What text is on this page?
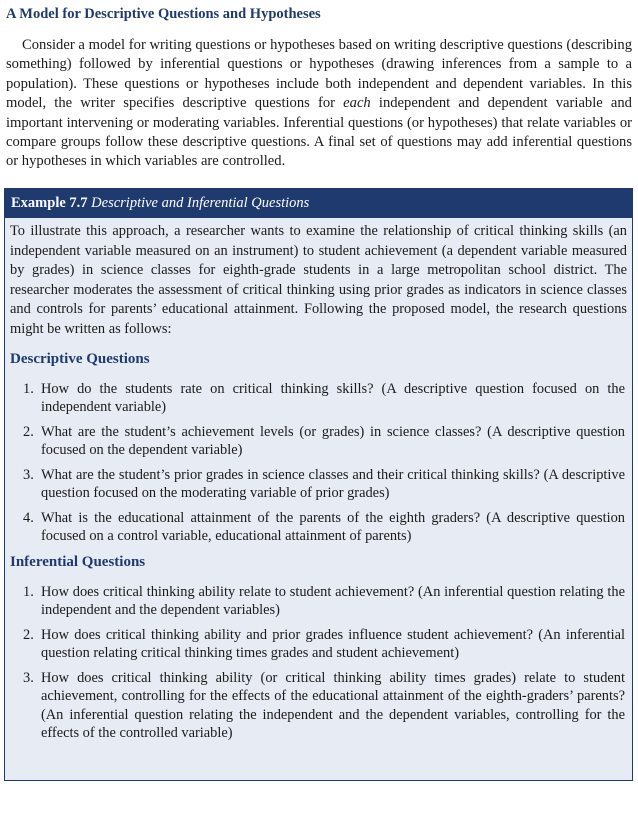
A Model for Descriptive Questions and Hypotheses

Consider a model for writing questions or hypotheses based on writing descriptive questions (describing something) followed by inferential questions or hypotheses (drawing inferences from a sample to a population). These questions or hypotheses include both independent and dependent variables. In this model, the writer specifies descriptive questions for each independent and dependent variable and important intervening or moderating variables. Inferential questions (or hypotheses) that relate variables or compare groups follow these descriptive questions. A final set of questions may add inferential questions or hypotheses in which variables are controlled.

Example 7.7 Descriptive and Inferential Questions

To illustrate this approach, a researcher wants to examine the relationship of critical thinking skills (an independent variable measured on an instrument) to student achievement (a dependent variable measured by grades) in science classes for eighth-grade students in a large metropolitan school district. The researcher moderates the assessment of critical thinking using prior grades as indicators in science classes and controls for parents’ educational attainment. Following the proposed model, the research questions might be written as follows:

Descriptive Questions
1. How do the students rate on critical thinking skills? (A descriptive question focused on the independent variable)
2. What are the student’s achievement levels (or grades) in science classes? (A descriptive question focused on the dependent variable)
3. What are the student’s prior grades in science classes and their critical thinking skills? (A descriptive question focused on the moderating variable of prior grades)
4. What is the educational attainment of the parents of the eighth graders? (A descriptive question focused on a control variable, educational attainment of parents)
Inferential Questions
1. How does critical thinking ability relate to student achievement? (An inferential question relating the independent and the dependent variables)
2. How does critical thinking ability and prior grades influence student achievement? (An inferential question relating critical thinking times grades and student achievement)
3. How does critical thinking ability (or critical thinking ability times grades) relate to student achievement, controlling for the effects of the educational attainment of the eighth-graders’ parents? (An inferential question relating the independent and the dependent variables, controlling for the effects of the controlled variable)
